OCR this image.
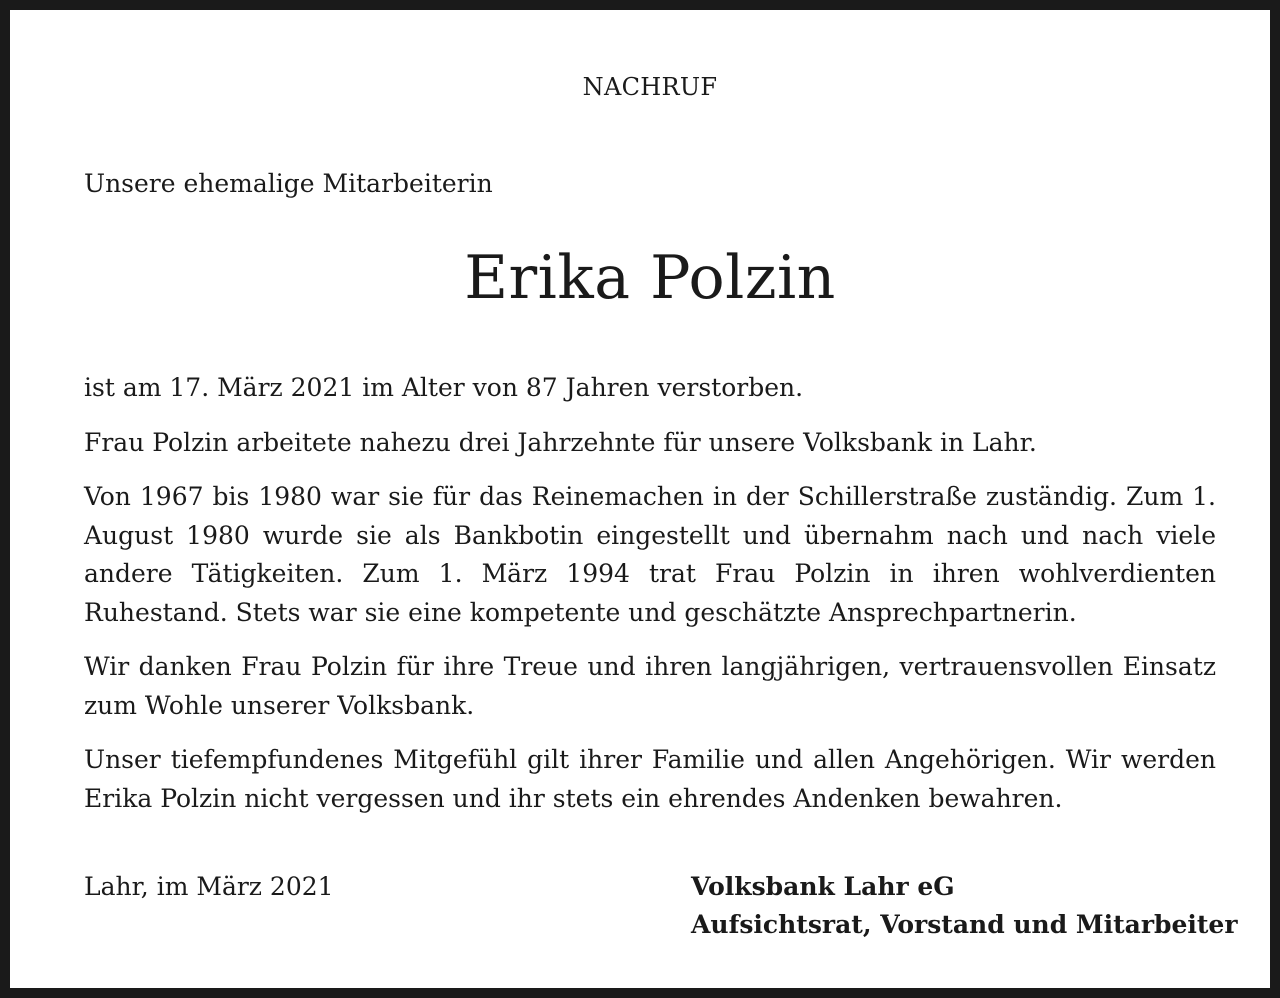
NACHRUF
Unsere ehemalige Mitarbeiterin
Erika Polzin

ist am 17. März 2021 im Alter von 87 Jahren verstorben.

Frau Polzin arbeitete nahezu drei Jahrzehnte für unsere Volksbank in Lahr.

Von 1967 bis 1980 war sie für das Reinemachen in der Schillerstraße zuständig. Zum 1. August 1980 wurde sie als Bankbotin eingestellt und übernahm nach und nach viele andere Tätigkeiten. Zum 1. März 1994 trat Frau Polzin in ihren wohlverdienten Ruhestand. Stets war sie eine kompetente und geschätzte Ansprechpartnerin.

Wir danken Frau Polzin für ihre Treue und ihren langjährigen, vertrauensvollen Einsatz zum Wohle unserer Volksbank.

Unser tiefempfundenes Mitgefühl gilt ihrer Familie und allen Angehörigen. Wir werden Erika Polzin nicht vergessen und ihr stets ein ehrendes Andenken bewahren.

Lahr, im März 2021	Volksbank Lahr eG
Aufsichtsrat, Vorstand und Mitarbeiter
